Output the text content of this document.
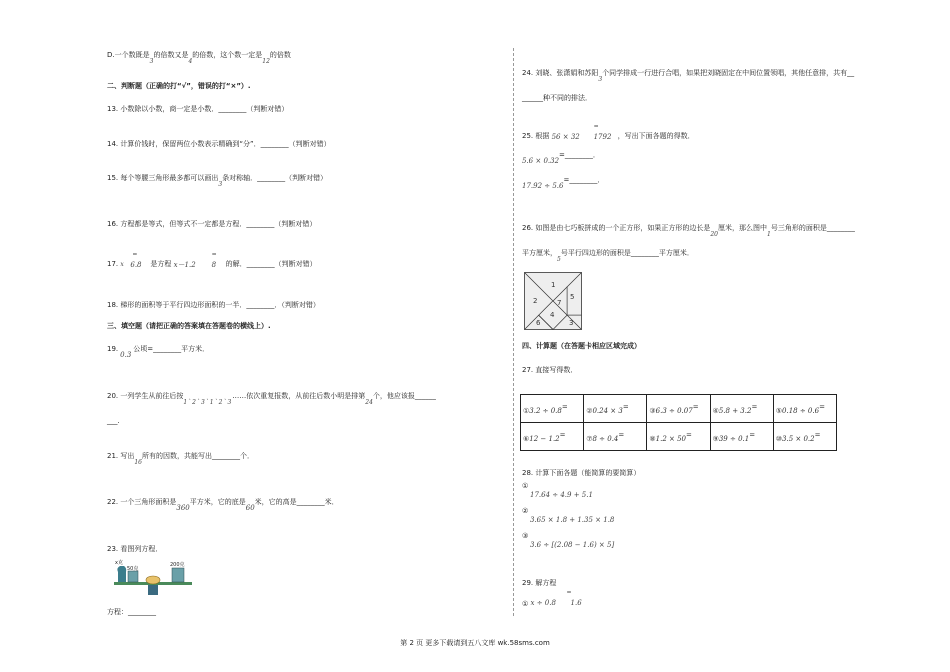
D.一个数既是3的倍数又是4的倍数，这个数一定是12的倍数
二、判断题（正确的打“√”，错误的打“×”）.
13. 小数除以小数，商一定是小数．________（判断对错）
14. 计算价钱时，保留两位小数表示精确到“分”．________（判断对错）
15. 每个等腰三角形最多都可以画出3条对称轴．________（判断对错）
16. 方程都是等式，但等式不一定都是方程．________（判断对错）
17.
=
x 6.8 是方程
=
x－1.2 8 的解．________（判断对错）
18. 梯形的面积等于平行四边形面积的一半．________．（判断对错）
三、填空题（请把正确的答案填在答题卷的横线上）.
19.0.3公顷=________平方米．
20. 一列学生从前往后按1`2`3`1`2`3……依次重复报数，从前往后数小明是排第24个，他应该报______
___.
21. 写出16所有的因数，共能写出________个．
22. 一个三角形面积是360平方米，它的底是60米，它的高是________米．
23. 看图列方程．
x克
50克
200克
方程：________
24. 刘晓、张潇娟和苏阳3个同学排成一行进行合唱，如果把刘晓固定在中间位置领唱，其他任意排，共有__
______种不同的排法．
25. 根据
=
56 × 32 1792 ，写出下面各题的得数．
5.6 × 0.32=________．
17.92 ÷ 5.6=________．
26. 如图是由七巧板拼成的一个正方形，如果正方形的边长是20厘米，那么图中1号三角形的面积是________
平方厘米，5号平行四边形的面积是________平方厘米．
1
2
3
4
5
6
7
四、计算题（在答题卡相应区域完成）
27. 直接写得数．
①3.2 ÷ 0.8=	②0.24 × 3=	③6.3 ÷ 0.07=	④5.8 + 3.2=	⑤0.18 ÷ 0.6=
⑥12 − 1.2=	⑦8 ÷ 0.4=	⑧1.2 × 50=	⑨39 ÷ 0.1=	⑩3.5 × 0.2=
28. 计算下面各题（能简算的要简算）
①
17.64 ÷ 4.9 + 5.1
②
3.65 × 1.8 + 1.35 × 1.8
③
3.6 ÷ [(2.08 − 1.6) × 5]
29. 解方程
①
=
x ÷ 0.8 1.6
第 2 页 更多下载请到五八文库 wk.58sms.com
